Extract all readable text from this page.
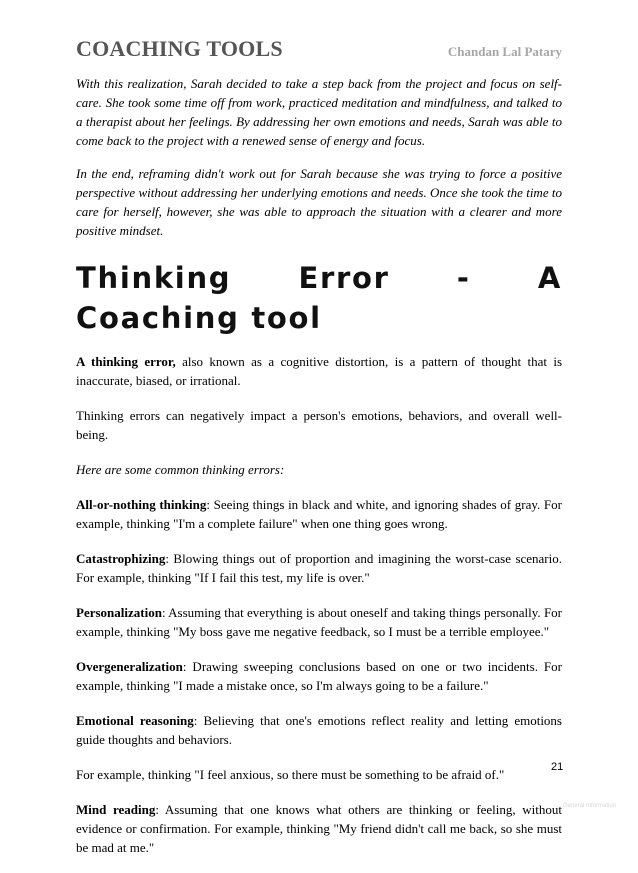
COACHING TOOLS	Chandan Lal Patary

With this realization, Sarah decided to take a step back from the project and focus on self-care. She took some time off from work, practiced meditation and mindfulness, and talked to a therapist about her feelings. By addressing her own emotions and needs, Sarah was able to come back to the project with a renewed sense of energy and focus.

In the end, reframing didn't work out for Sarah because she was trying to force a positive perspective without addressing her underlying emotions and needs. Once she took the time to care for herself, however, she was able to approach the situation with a clearer and more positive mindset.

Thinking Error - A Coaching tool

A thinking error, also known as a cognitive distortion, is a pattern of thought that is inaccurate, biased, or irrational.

Thinking errors can negatively impact a person's emotions, behaviors, and overall well-being.

Here are some common thinking errors:

All-or-nothing thinking: Seeing things in black and white, and ignoring shades of gray. For example, thinking "I'm a complete failure" when one thing goes wrong.

Catastrophizing: Blowing things out of proportion and imagining the worst-case scenario. For example, thinking "If I fail this test, my life is over."

Personalization: Assuming that everything is about oneself and taking things personally. For example, thinking "My boss gave me negative feedback, so I must be a terrible employee."

Overgeneralization: Drawing sweeping conclusions based on one or two incidents. For example, thinking "I made a mistake once, so I'm always going to be a failure."

Emotional reasoning: Believing that one's emotions reflect reality and letting emotions guide thoughts and behaviors.

For example, thinking "I feel anxious, so there must be something to be afraid of."

Mind reading: Assuming that one knows what others are thinking or feeling, without evidence or confirmation. For example, thinking "My friend didn't call me back, so she must be mad at me."

21
General Information
